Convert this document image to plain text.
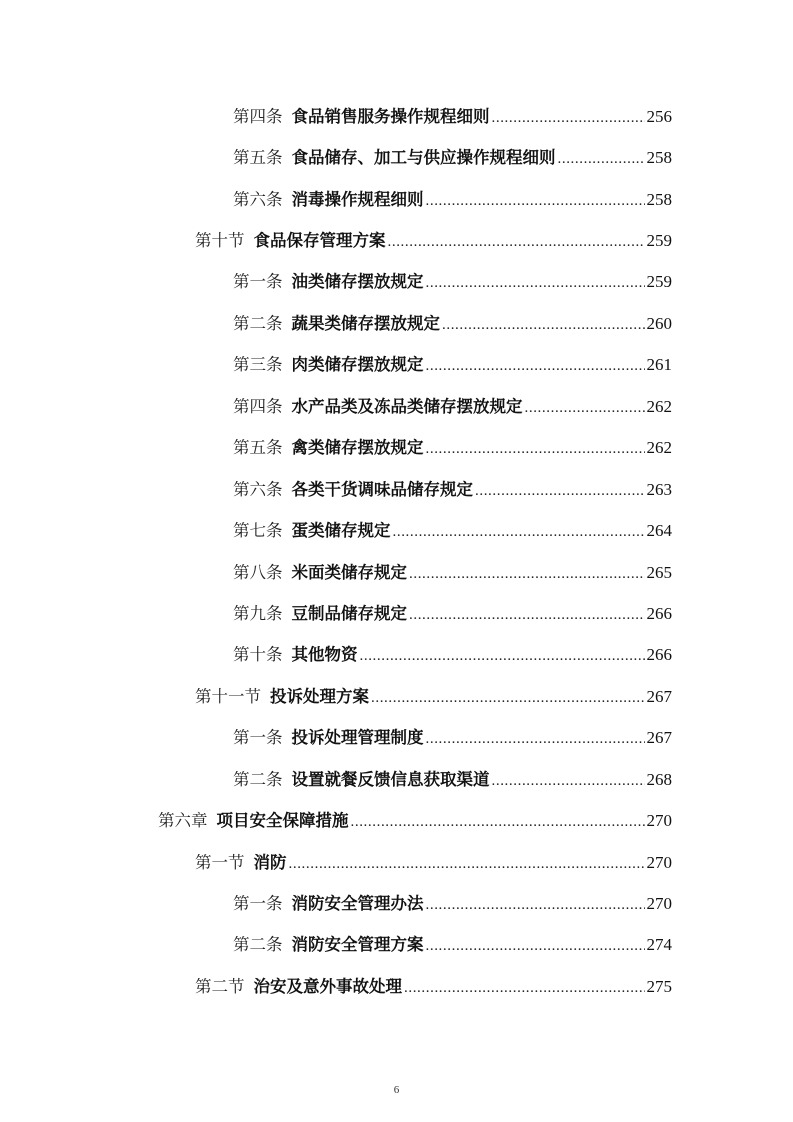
第四条 食品销售服务操作规程细则 .....	256
第五条 食品储存、加工与供应操作规程细则 .....	258
第六条 消毒操作规程细则 .....	258
第十节 食品保存管理方案 .....	259
第一条 油类储存摆放规定 .....	259
第二条 蔬果类储存摆放规定 .....	260
第三条 肉类储存摆放规定 .....	261
第四条 水产品类及冻品类储存摆放规定 .....	262
第五条 禽类储存摆放规定 .....	262
第六条 各类干货调味品储存规定 .....	263
第七条 蛋类储存规定 .....	264
第八条 米面类储存规定 .....	265
第九条 豆制品储存规定 .....	266
第十条 其他物资 .....	266
第十一节 投诉处理方案 .....	267
第一条 投诉处理管理制度 .....	267
第二条 设置就餐反馈信息获取渠道 .....	268
第六章 项目安全保障措施 .....	270
第一节 消防 .....	270
第一条 消防安全管理办法 .....	270
第二条 消防安全管理方案 .....	274
第二节 治安及意外事故处理 .....	275
6
